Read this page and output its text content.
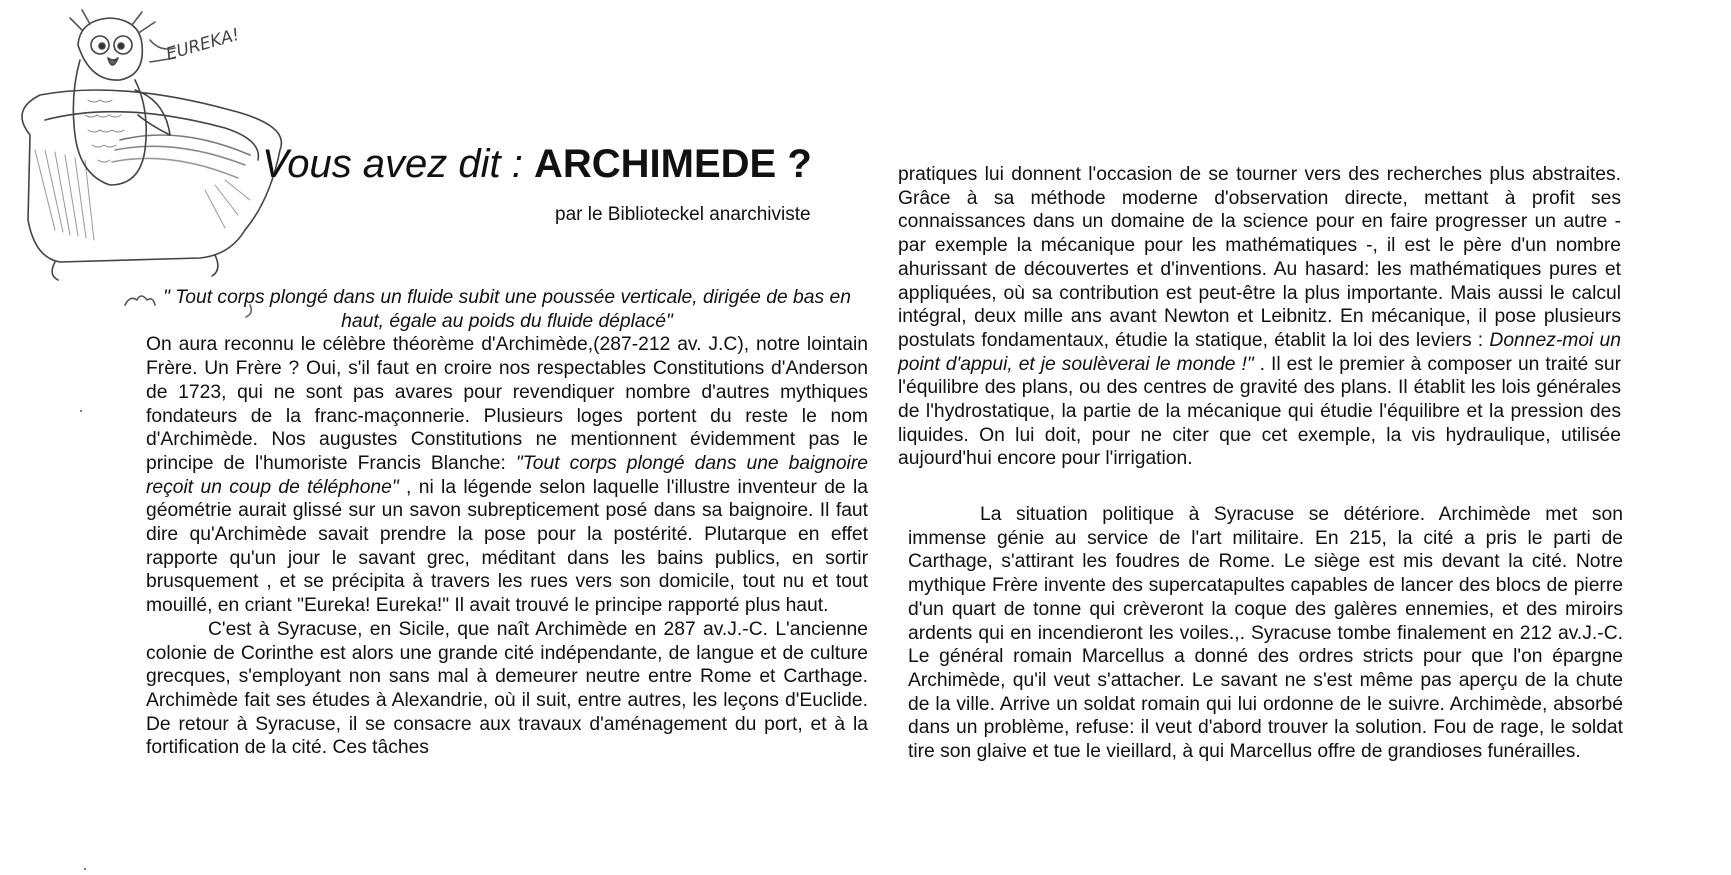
EUREKA!
Vous avez dit : ARCHIMEDE ?
par le Biblioteckel anarchiviste

" Tout corps plongé dans un fluide subit une poussée verticale, dirigée de bas en haut, égale au poids du fluide déplacé"

On aura reconnu le célèbre théorème d'Archimède,(287-212 av. J.C), notre lointain Frère. Un Frère ? Oui, s'il faut en croire nos respectables Constitutions d'Anderson de 1723, qui ne sont pas avares pour revendiquer nombre d'autres mythiques fondateurs de la franc-maçonnerie. Plusieurs loges portent du reste le nom d'Archimède. Nos augustes Constitutions ne mentionnent évidemment pas le principe de l'humoriste Francis Blanche: "Tout corps plongé dans une baignoire reçoit un coup de téléphone" , ni la légende selon laquelle l'illustre inventeur de la géométrie aurait glissé sur un savon subrepticement posé dans sa baignoire. Il faut dire qu'Archimède savait prendre la pose pour la postérité. Plutarque en effet rapporte qu'un jour le savant grec, méditant dans les bains publics, en sortir brusquement , et se précipita à travers les rues vers son domicile, tout nu et tout mouillé, en criant "Eureka! Eureka!" Il avait trouvé le principe rapporté plus haut.

C'est à Syracuse, en Sicile, que naît Archimède en 287 av.J.-C. L'ancienne colonie de Corinthe est alors une grande cité indépendante, de langue et de culture grecques, s'employant non sans mal à demeurer neutre entre Rome et Carthage. Archimède fait ses études à Alexandrie, où il suit, entre autres, les leçons d'Euclide. De retour à Syracuse, il se consacre aux travaux d'aménagement du port, et à la fortification de la cité. Ces tâches

pratiques lui donnent l'occasion de se tourner vers des recherches plus abstraites. Grâce à sa méthode moderne d'observation directe, mettant à profit ses connaissances dans un domaine de la science pour en faire progresser un autre -par exemple la mécanique pour les mathématiques -, il est le père d'un nombre ahurissant de découvertes et d'inventions. Au hasard: les mathématiques pures et appliquées, où sa contribution est peut-être la plus importante. Mais aussi le calcul intégral, deux mille ans avant Newton et Leibnitz. En mécanique, il pose plusieurs postulats fondamentaux, étudie la statique, établit la loi des leviers : Donnez-moi un point d'appui, et je soulèverai le monde !" . Il est le premier à composer un traité sur l'équilibre des plans, ou des centres de gravité des plans. Il établit les lois générales de l'hydrostatique, la partie de la mécanique qui étudie l'équilibre et la pression des liquides. On lui doit, pour ne citer que cet exemple, la vis hydraulique, utilisée aujourd'hui encore pour l'irrigation.

La situation politique à Syracuse se détériore. Archimède met son immense génie au service de l'art militaire. En 215, la cité a pris le parti de Carthage, s'attirant les foudres de Rome. Le siège est mis devant la cité. Notre mythique Frère invente des supercatapultes capables de lancer des blocs de pierre d'un quart de tonne qui crèveront la coque des galères ennemies, et des miroirs ardents qui en incendieront les voiles.,. Syracuse tombe finalement en 212 av.J.-C. Le général romain Marcellus a donné des ordres stricts pour que l'on épargne Archimède, qu'il veut s'attacher. Le savant ne s'est même pas aperçu de la chute de la ville. Arrive un soldat romain qui lui ordonne de le suivre. Archimède, absorbé dans un problème, refuse: il veut d'abord trouver la solution. Fou de rage, le soldat tire son glaive et tue le vieillard, à qui Marcellus offre de grandioses funérailles.
